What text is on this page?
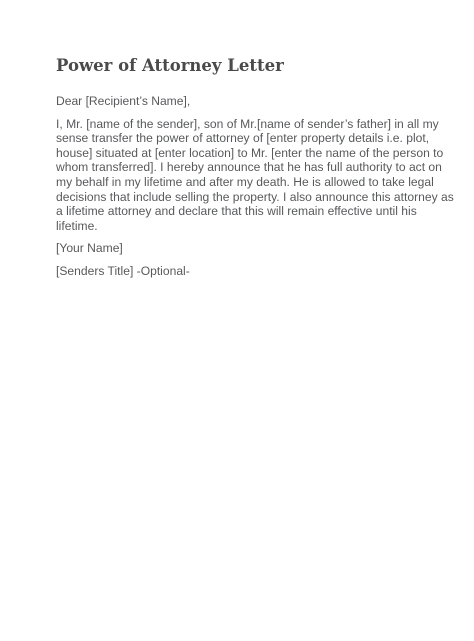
Power of Attorney Letter

Dear [Recipient’s Name],

I, Mr. [name of the sender], son of Mr.[name of sender’s father] in all my
sense transfer the power of attorney of [enter property details i.e. plot,
house] situated at [enter location] to Mr. [enter the name of the person to
whom transferred]. I hereby announce that he has full authority to act on
my behalf in my lifetime and after my death. He is allowed to take legal
decisions that include selling the property. I also announce this attorney as
a lifetime attorney and declare that this will remain effective until his
lifetime.

[Your Name]

[Senders Title] -Optional-
